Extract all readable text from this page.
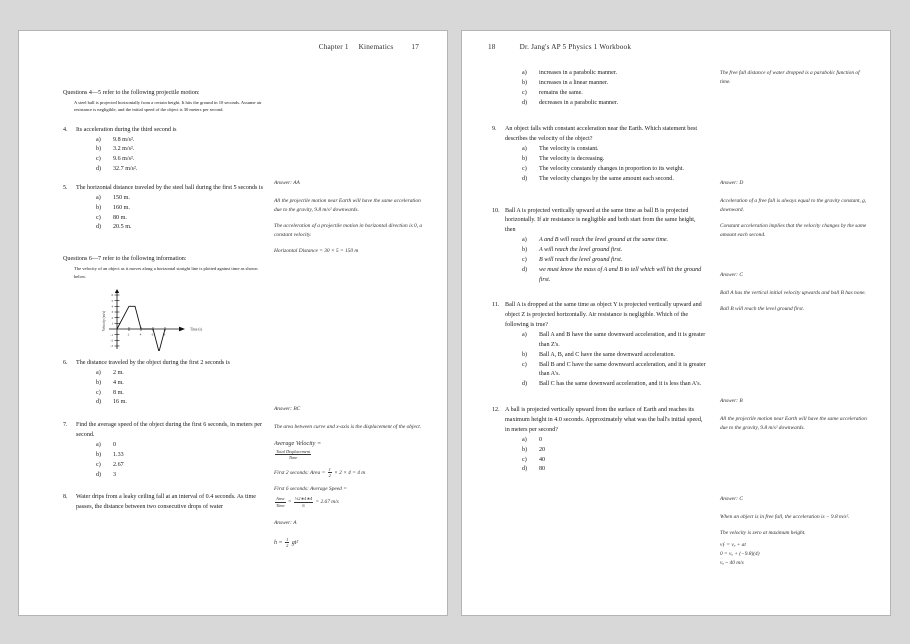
Chapter 1 Kinematics	17
Questions 4—5 refer to the following projectile motion:
A steel ball is projected horizontally from a certain height. It hits the ground in 10 seconds. Assume air resistance is negligible, and the initial speed of the object is 30 meters per second.
4.	Its acceleration during the third second is
a) 9.8 m/s².
b) 3.2 m/s².
c) 9.6 m/s².
d) 32.7 m/s².
5.	The horizontal distance traveled by the steel ball during the first 5 seconds is
a) 150 m.
b) 160 m.
c) 80 m.
d) 20.5 m.
Questions 6—7 refer to the following information:
The velocity of an object as it moves along a horizontal straight line is plotted against time as shown below.
6
5
4
3
2
1
-1
-2
-3
2	4	6	8
Velocity (m/s)	Time (s)
6.	The distance traveled by the object during the first 2 seconds is
a) 2 m.
b) 4 m.
c) 8 m.
d) 16 m.
7.	Find the average speed of the object during the first 6 seconds, in meters per second.
a) 0
b) 1.33
c) 2.67
d) 3
8.	Water drips from a leaky ceiling fall at an interval of 0.4 seconds. As time passes, the distance between two consecutive drops of water
Answer: AA
All the projectile motion near Earth will have the same acceleration due to the gravity, 9.8 m/s² downwards.
The acceleration of a projectile motion in horizontal direction is 0, a constant velocity.
Horizontal Distance = 30 × 5 = 150 m
Answer: BC
The area between curve and x-axis is the displacement of the object.
Average Velocity =
$\frac{\text{Total Displacement}}{\text{Time}}$
First 2 seconds: Area = $\frac{1}{2} \times 2 \times 4 = 4$ m
First 6 seconds: Average Speed =
$\frac{\text{Area}}{\text{Time}} = \frac{\text{½2∗4∗4}}{6} = 2.67$ m/s
Answer: A
$h = \frac{1}{2} gt^2$
18	Dr. Jang's AP 5 Physics 1 Workbook
a) increases in a parabolic manner.
b) increases in a linear manner.
c) remains the same.
d) decreases in a parabolic manner.
9.	An object falls with constant acceleration near the Earth. Which statement best describes the velocity of the object?
a) The velocity is constant.
b) The velocity is decreasing.
c) The velocity constantly changes in proportion to its weight.
d) The velocity changes by the same amount each second.
10. Ball A is projected vertically upward at the same time as ball B is projected horizontally. If air resistance is negligible and both start from the same height, then
a) A and B will reach the level ground at the same time.
b) A will reach the level ground first.
c) B will reach the level ground first.
d) we must know the mass of A and B to tell which will hit the ground first.
11. Ball A is dropped at the same time as object Y is projected vertically upward and object Z is projected horizontally. Air resistance is negligible. Which of the following is true?
a) Ball A and B have the same downward acceleration, and it is greater than Z's.
b) Ball A, B, and C have the same downward acceleration.
c) Ball B and C have the same downward acceleration, and it is greater than A's.
d) Ball C has the same downward acceleration, and it is less than A's.
12. A ball is projected vertically upward from the surface of Earth and reaches its maximum height in 4.0 seconds. Approximately what was the ball's initial speed, in meters per second?
a) 0
b) 20
c) 40
d) 80
The free fall distance of water dropped is a parabolic function of time.
Answer: D
Acceleration of a free fall is always equal to the gravity constant, g, downward.
Constant acceleration implies that the velocity changes by the same amount each second.
Answer: C
Ball A has the vertical initial velocity upwards and ball B has none.
Ball B will reach the level ground first.
Answer: B
All the projectile motion near Earth will have the same acceleration due to the gravity, 9.8 m/s² downwards.
Answer: C
When an object is in free fall, the acceleration is − 9.8 m/s².
The velocity is zero at maximum height.
vƒ = vₒ + at
0 = vₒ + (−9.8)(4)
vₒ ~ 40 m/s
